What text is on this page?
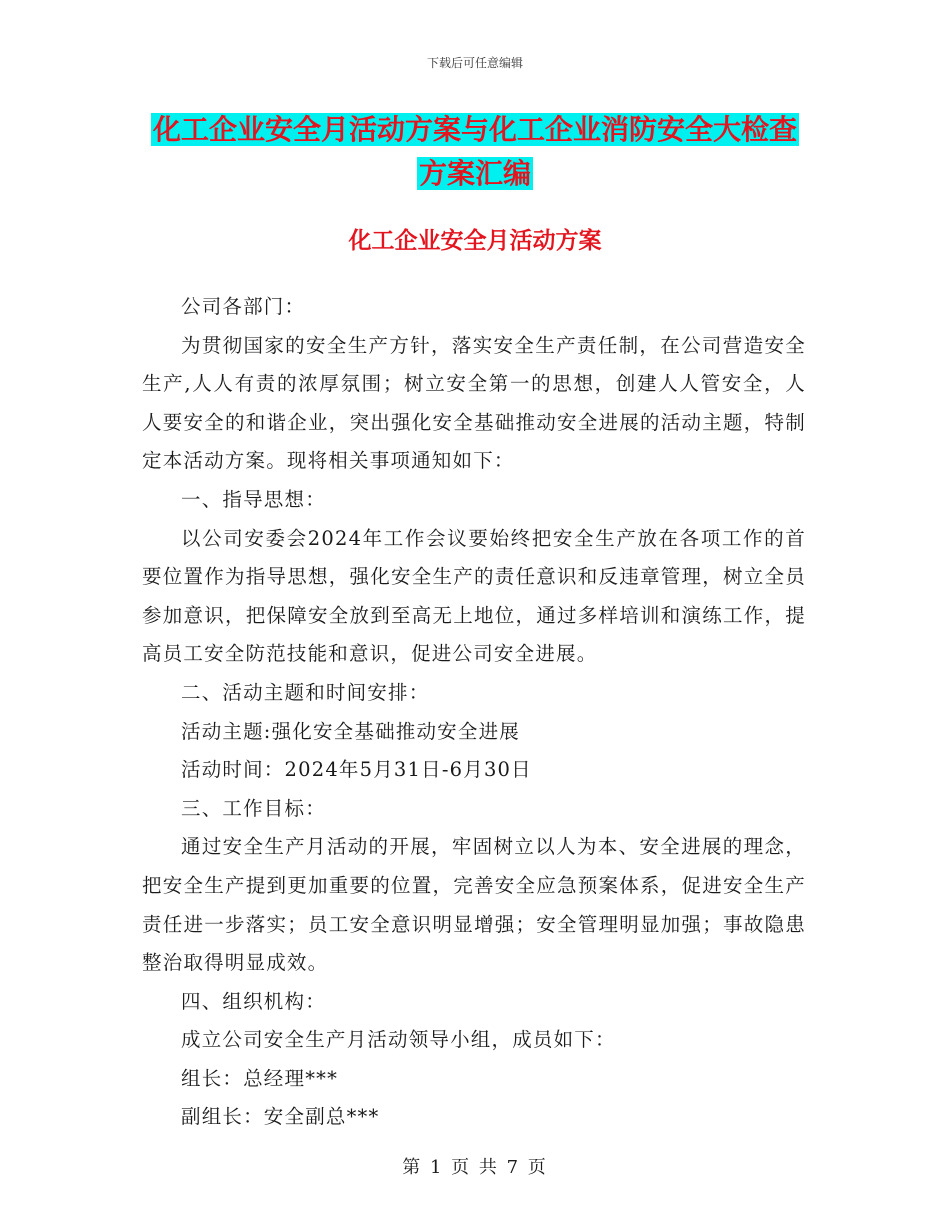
下载后可任意编辑
化工企业安全月活动方案与化工企业消防安全大检查
方案汇编
化工企业安全月活动方案

公司各部门：

为贯彻国家的安全生产方针，落实安全生产责任制，在公司营造安全生产,人人有责的浓厚氛围；树立安全第一的思想，创建人人管安全，人人要安全的和谐企业，突出强化安全基础推动安全进展的活动主题，特制定本活动方案。现将相关事项通知如下：

一、指导思想：

以公司安委会2024年工作会议要始终把安全生产放在各项工作的首要位置作为指导思想，强化安全生产的责任意识和反违章管理，树立全员参加意识，把保障安全放到至高无上地位，通过多样培训和演练工作，提高员工安全防范技能和意识，促进公司安全进展。

二、活动主题和时间安排：

活动主题:强化安全基础推动安全进展

活动时间：2024年5月31日-6月30日

三、工作目标：

通过安全生产月活动的开展，牢固树立以人为本、安全进展的理念，把安全生产提到更加重要的位置，完善安全应急预案体系，促进安全生产责任进一步落实；员工安全意识明显增强；安全管理明显加强；事故隐患整治取得明显成效。

四、组织机构：

成立公司安全生产月活动领导小组，成员如下：

组长：总经理***

副组长：安全副总***

第 1 页 共 7 页
